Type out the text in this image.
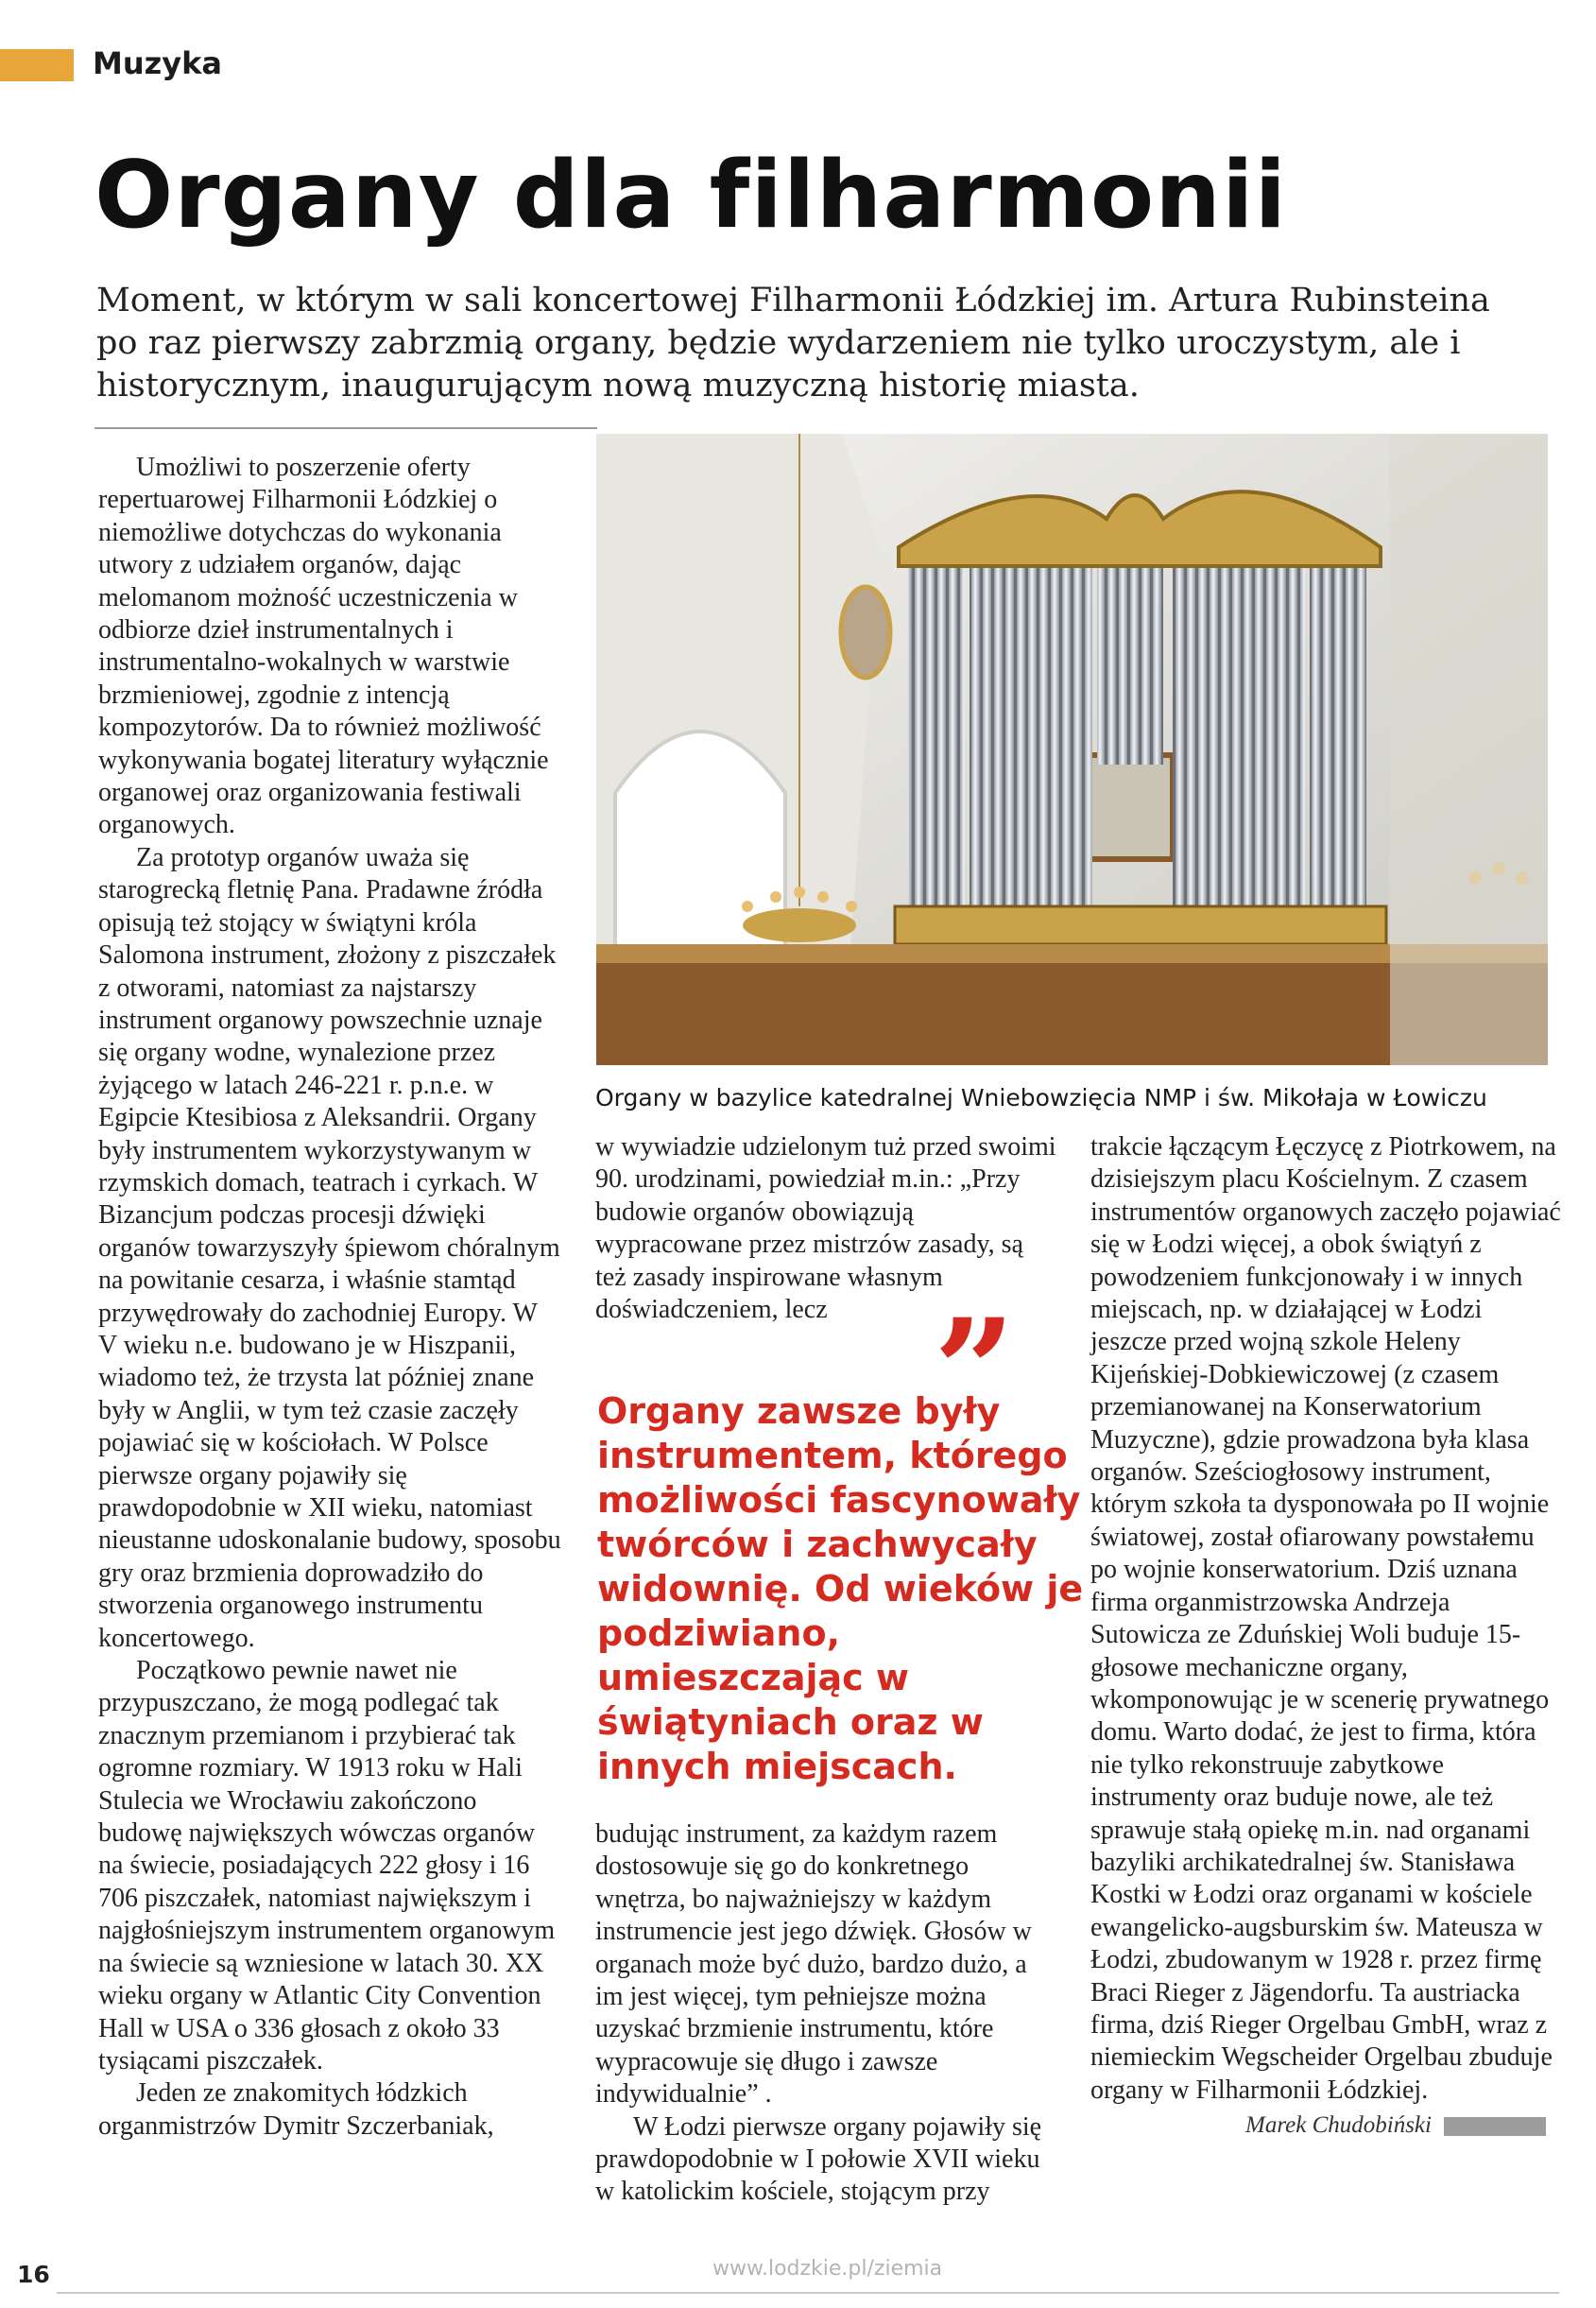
Muzyka
Organy dla filharmonii
Moment, w którym w sali koncertowej Filharmonii Łódzkiej im. Artura Rubinsteina po raz pierwszy zabrzmią organy, będzie wydarzeniem nie tylko uroczystym, ale i historycznym, inaugurującym nową muzyczną historię miasta.

Umożliwi to poszerzenie oferty repertuarowej Filharmonii Łódzkiej o niemożliwe dotychczas do wykonania utwory z udziałem organów, dając melomanom możność uczestniczenia w odbiorze dzieł instrumentalnych i instrumentalno-wokalnych w warstwie brzmieniowej, zgodnie z intencją kompozytorów. Da to również możliwość wykonywania bogatej literatury wyłącznie organowej oraz organizowania festiwali organowych.

Za prototyp organów uważa się starogrecką fletnię Pana. Pradawne źródła opisują też stojący w świątyni króla Salomona instrument, złożony z piszczałek z otworami, natomiast za najstarszy instrument organowy powszechnie uznaje się organy wodne, wynalezione przez żyjącego w latach 246-221 r. p.n.e. w Egipcie Ktesibiosa z Aleksandrii. Organy były instrumentem wykorzystywanym w rzymskich domach, teatrach i cyrkach. W Bizancjum podczas procesji dźwięki organów towarzyszyły śpiewom chóralnym na powitanie cesarza, i właśnie stamtąd przywędrowały do zachodniej Europy. W V wieku n.e. budowano je w Hiszpanii, wiadomo też, że trzysta lat później znane były w Anglii, w tym też czasie zaczęły pojawiać się w kościołach. W Polsce pierwsze organy pojawiły się prawdopodobnie w XII wieku, natomiast nieustanne udoskonalanie budowy, sposobu gry oraz brzmienia doprowadziło do stworzenia organowego instrumentu koncertowego.

Początkowo pewnie nawet nie przypuszczano, że mogą podlegać tak znacznym przemianom i przybierać tak ogromne rozmiary. W 1913 roku w Hali Stulecia we Wrocławiu zakończono budowę największych wówczas organów na świecie, posiadających 222 głosy i 16 706 piszczałek, natomiast największym i najgłośniejszym instrumentem organowym na świecie są wzniesione w latach 30. XX wieku organy w Atlantic City Convention Hall w USA o 336 głosach z około 33 tysiącami piszczałek.

Jeden ze znakomitych łódzkich organmistrzów Dymitr Szczerbaniak,

Organy w bazylice katedralnej Wniebowzięcia NMP i św. Mikołaja w Łowiczu
w wywiadzie udzielonym tuż przed swoimi 90. urodzinami, powiedział m.in.: „Przy budowie organów obowiązują wypracowane przez mistrzów zasady, są też zasady inspirowane własnym doświadczeniem, lecz ”
Organy zawsze były instrumentem, którego możliwości fascynowały twórców i zachwycały widownię. Od wieków je podziwiano, umieszczając w świątyniach oraz w innych miejscach.

budując instrument, za każdym razem dostosowuje się go do konkretnego wnętrza, bo najważniejszy w każdym instrumencie jest jego dźwięk. Głosów w organach może być dużo, bardzo dużo, a im jest więcej, tym pełniejsze można uzyskać brzmienie instrumentu, które wypracowuje się długo i zawsze indywidualnie” .

W Łodzi pierwsze organy pojawiły się prawdopodobnie w I połowie XVII wieku w katolickim kościele, stojącym przy

trakcie łączącym Łęczycę z Piotrkowem, na dzisiejszym placu Kościelnym. Z czasem instrumentów organowych zaczęło pojawiać się w Łodzi więcej, a obok świątyń z powodzeniem funkcjonowały i w innych miejscach, np. w działającej w Łodzi jeszcze przed wojną szkole Heleny Kijeńskiej-Dobkiewiczowej (z czasem przemianowanej na Konserwatorium Muzyczne), gdzie prowadzona była klasa organów. Sześciogłosowy instrument, którym szkoła ta dysponowała po II wojnie światowej, został ofiarowany powstałemu po wojnie konserwatorium. Dziś uznana firma organmistrzowska Andrzeja Sutowicza ze Zduńskiej Woli buduje 15-głosowe mechaniczne organy, wkomponowując je w scenerię prywatnego domu. Warto dodać, że jest to firma, która nie tylko rekonstruuje zabytkowe instrumenty oraz buduje nowe, ale też sprawuje stałą opiekę m.in. nad organami bazyliki archikatedralnej św. Stanisława Kostki w Łodzi oraz organami w kościele ewangelicko-augsburskim św. Mateusza w Łodzi, zbudowanym w 1928 r. przez firmę Braci Rieger z Jägendorfu. Ta austriacka firma, dziś Rieger Orgelbau GmbH, wraz z niemieckim Wegscheider Orgelbau zbuduje organy w Filharmonii Łódzkiej.
Marek Chudobiński
16	www.lodzkie.pl/ziemia
